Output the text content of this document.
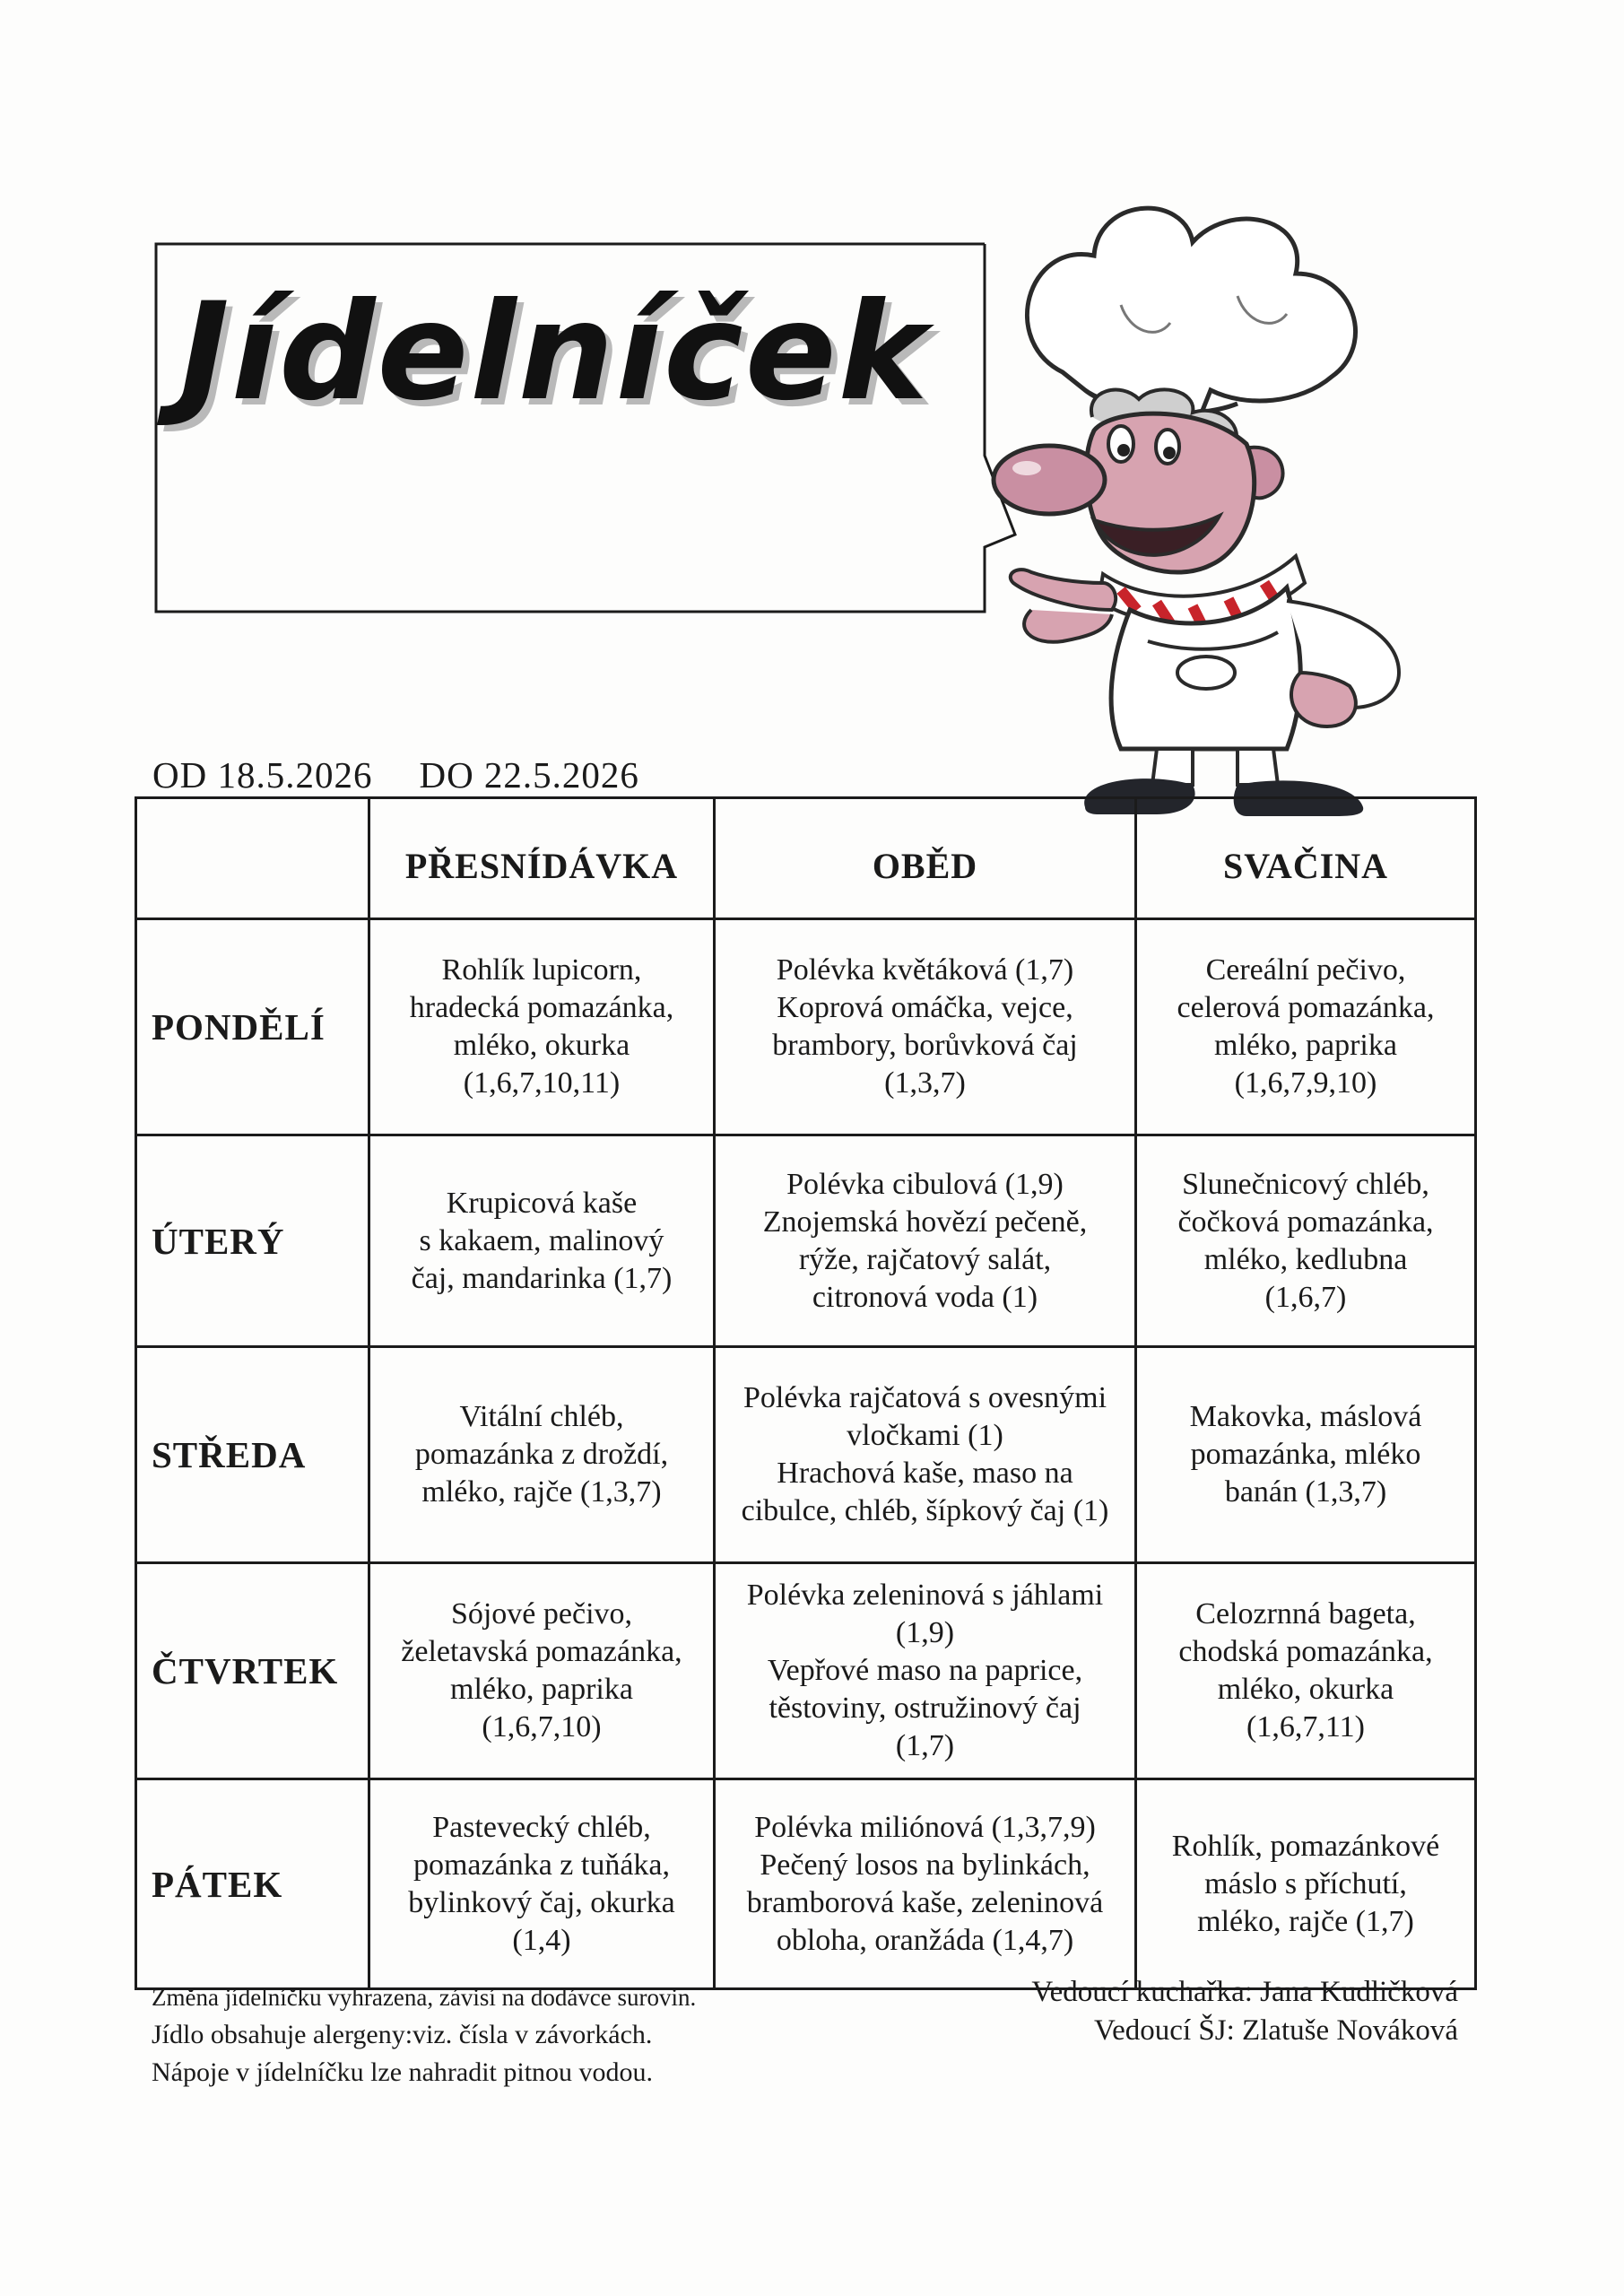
Jídelníček
OD 18.5.2026 DO 22.5.2026
	PŘESNÍDÁVKA	OBĚD	SVAČINA
PONDĚLÍ	Rohlík lupicorn,
hradecká pomazánka,
mléko, okurka
(1,6,7,10,11)	Polévka květáková (1,7)
Koprová omáčka, vejce,
brambory, borůvková čaj
(1,3,7)	Cereální pečivo,
celerová pomazánka,
mléko, paprika
(1,6,7,9,10)

ÚTERÝ	Krupicová kaše
s kakaem, malinový
čaj, mandarinka (1,7)	Polévka cibulová (1,9)
Znojemská hovězí pečeně,
rýže, rajčatový salát,
citronová voda (1)	Slunečnicový chléb,
čočková pomazánka,
mléko, kedlubna
(1,6,7)

STŘEDA	Vitální chléb,
pomazánka z droždí,
mléko, rajče (1,3,7)	Polévka rajčatová s ovesnými
vločkami (1)
Hrachová kaše, maso na
cibulce, chléb, šípkový čaj (1)	Makovka, máslová
pomazánka, mléko
banán (1,3,7)

ČTVRTEK	Sójové pečivo,
želetavská pomazánka,
mléko, paprika
(1,6,7,10)	Polévka zeleninová s jáhlami
(1,9)
Vepřové maso na paprice,
těstoviny, ostružinový čaj
(1,7)	Celozrnná bageta,
chodská pomazánka,
mléko, okurka
(1,6,7,11)

PÁTEK	Pastevecký chléb,
pomazánka z tuňáka,
bylinkový čaj, okurka
(1,4)	Polévka miliónová (1,3,7,9)
Pečený losos na bylinkách,
bramborová kaše, zeleninová
obloha, oranžáda (1,4,7)	Rohlík, pomazánkové
máslo s příchutí,
mléko, rajče (1,7)
Změna jídelníčku vyhrazena, závisí na dodávce surovin.
Jídlo obsahuje alergeny:viz. čísla v závorkách.
Nápoje v jídelníčku lze nahradit pitnou vodou.
Vedoucí kuchařka: Jana Kudličková
Vedoucí ŠJ: Zlatuše Nováková
